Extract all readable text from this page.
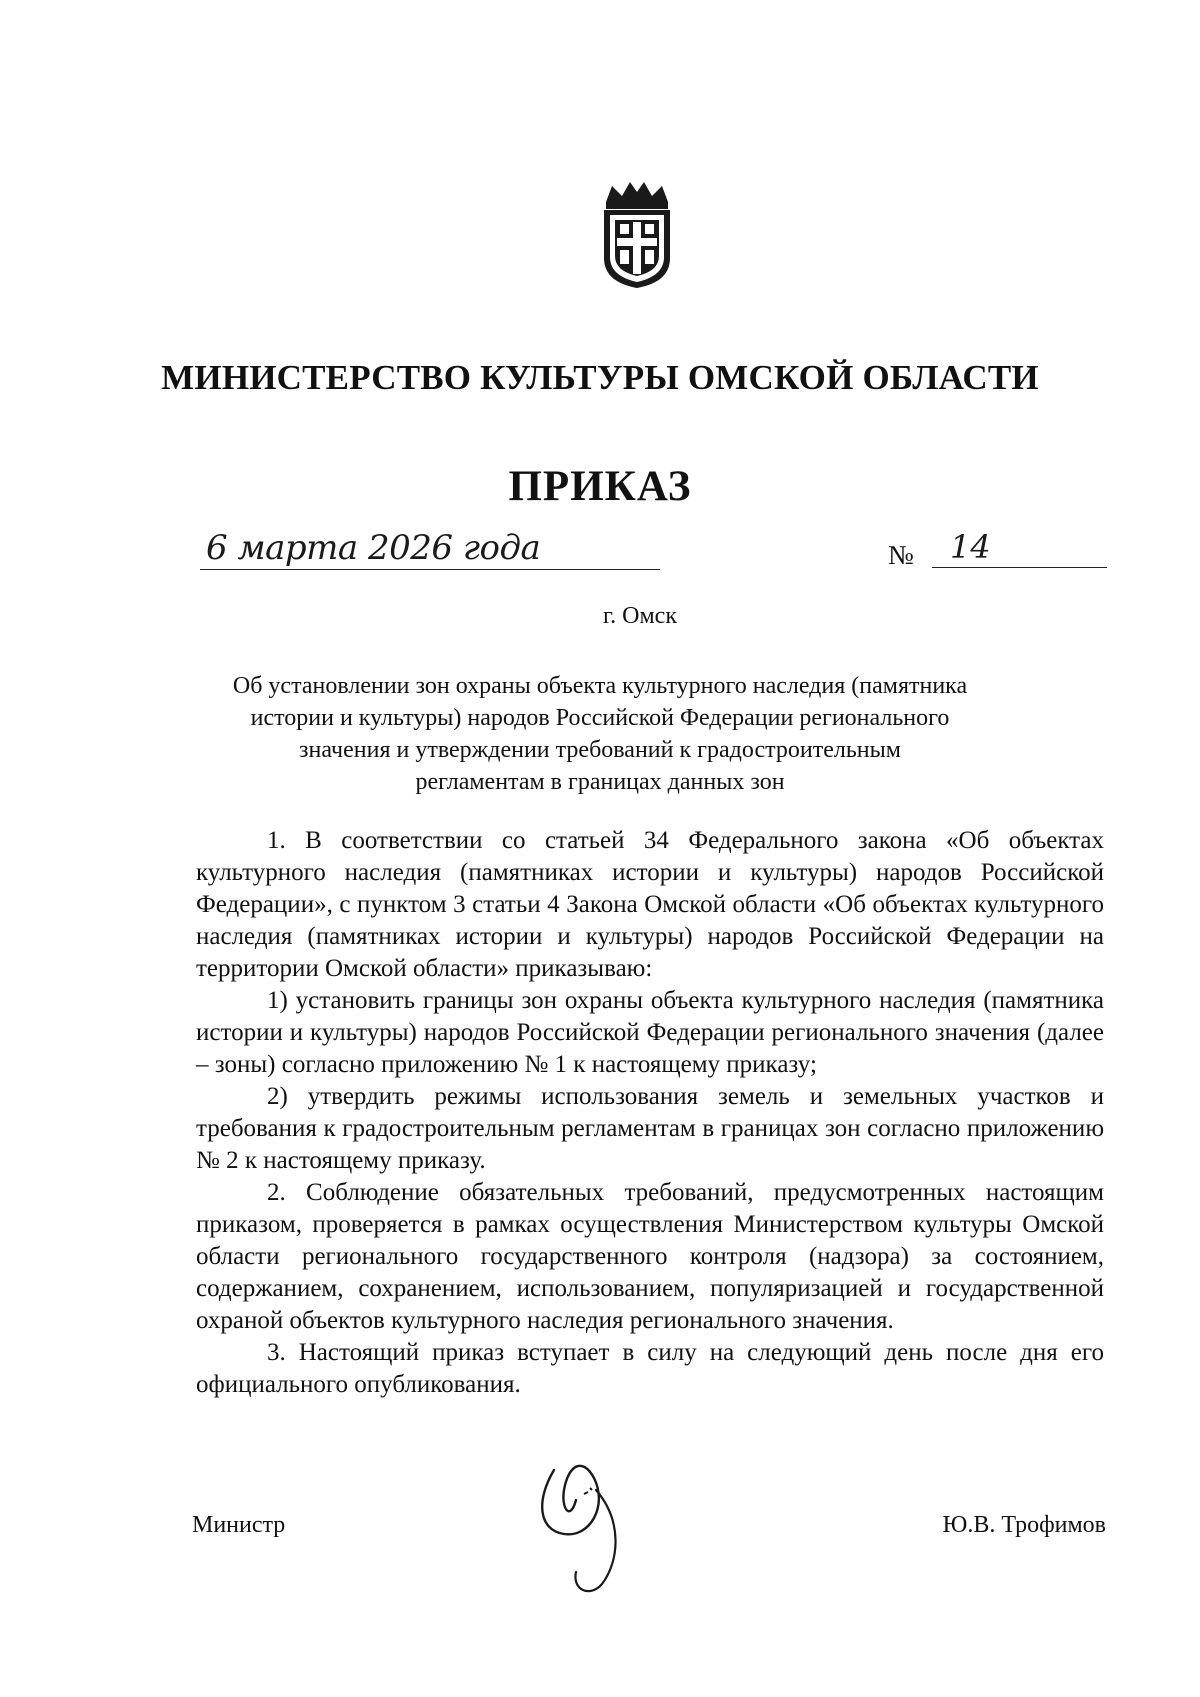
МИНИСТЕРСТВО КУЛЬТУРЫ ОМСКОЙ ОБЛАСТИ
ПРИКАЗ
6 марта 2026 года	№ 14
г. Омск
Об установлении зон охраны объекта культурного наследия (памятника
истории и культуры) народов Российской Федерации регионального
значения и утверждении требований к градостроительным
регламентам в границах данных зон

1. В соответствии со статьей 34 Федерального закона «Об объектах культурного наследия (памятниках истории и культуры) народов Российской Федерации», с пунктом 3 статьи 4 Закона Омской области «Об объектах культурного наследия (памятниках истории и культуры) народов Российской Федерации на территории Омской области» приказываю:

1) установить границы зон охраны объекта культурного наследия (памятника истории и культуры) народов Российской Федерации регионального значения (далее – зоны) согласно приложению № 1 к настоящему приказу;

2) утвердить режимы использования земель и земельных участков и требования к градостроительным регламентам в границах зон согласно приложению № 2 к настоящему приказу.

2. Соблюдение обязательных требований, предусмотренных настоящим приказом, проверяется в рамках осуществления Министерством культуры Омской области регионального государственного контроля (надзора) за состоянием, содержанием, сохранением, использованием, популяризацией и государственной охраной объектов культурного наследия регионального значения.

3. Настоящий приказ вступает в силу на следующий день после дня его официального опубликования.

Министр	Ю.В. Трофимов
